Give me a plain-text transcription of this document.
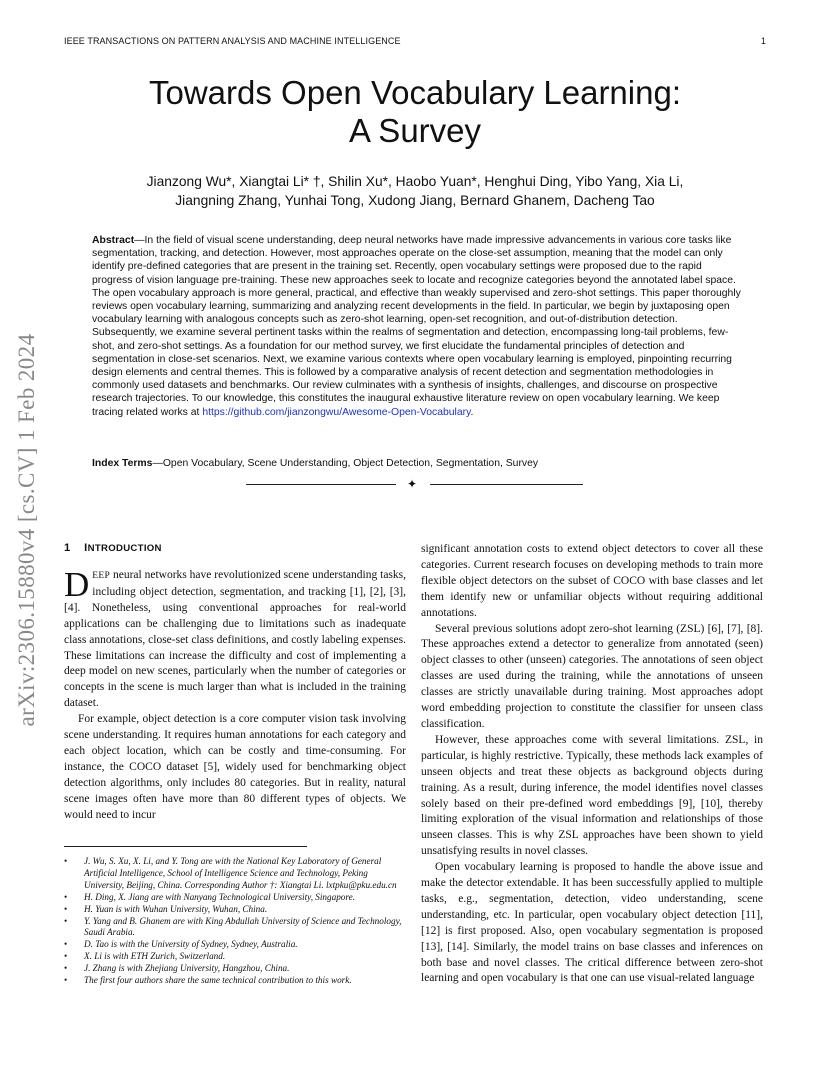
IEEE TRANSACTIONS ON PATTERN ANALYSIS AND MACHINE INTELLIGENCE	1
arXiv:2306.15880v4 [cs.CV] 1 Feb 2024
Towards Open Vocabulary Learning:
A Survey
Jianzong Wu*, Xiangtai Li* †, Shilin Xu*, Haobo Yuan*, Henghui Ding, Yibo Yang, Xia Li,
Jiangning Zhang, Yunhai Tong, Xudong Jiang, Bernard Ghanem, Dacheng Tao

Abstract—In the field of visual scene understanding, deep neural networks have made impressive advancements in various core tasks like segmentation, tracking, and detection. However, most approaches operate on the close-set assumption, meaning that the model can only identify pre-defined categories that are present in the training set. Recently, open vocabulary settings were proposed due to the rapid progress of vision language pre-training. These new approaches seek to locate and recognize categories beyond the annotated label space. The open vocabulary approach is more general, practical, and effective than weakly supervised and zero-shot settings. This paper thoroughly reviews open vocabulary learning, summarizing and analyzing recent developments in the field. In particular, we begin by juxtaposing open vocabulary learning with analogous concepts such as zero-shot learning, open-set recognition, and out-of-distribution detection. Subsequently, we examine several pertinent tasks within the realms of segmentation and detection, encompassing long-tail problems, few-shot, and zero-shot settings. As a foundation for our method survey, we first elucidate the fundamental principles of detection and segmentation in close-set scenarios. Next, we examine various contexts where open vocabulary learning is employed, pinpointing recurring design elements and central themes. This is followed by a comparative analysis of recent detection and segmentation methodologies in commonly used datasets and benchmarks. Our review culminates with a synthesis of insights, challenges, and discourse on prospective research trajectories. To our knowledge, this constitutes the inaugural exhaustive literature review on open vocabulary learning. We keep tracing related works at https://github.com/jianzongwu/Awesome-Open-Vocabulary.

Index Terms—Open Vocabulary, Scene Understanding, Object Detection, Segmentation, Survey
✦
1 INTRODUCTION

DEEP neural networks have revolutionized scene understanding tasks, including object detection, segmentation, and tracking [1], [2], [3], [4]. Nonetheless, using conventional approaches for real-world applications can be challenging due to limitations such as inadequate class annotations, close-set class definitions, and costly labeling expenses. These limitations can increase the difficulty and cost of implementing a deep model on new scenes, particularly when the number of categories or concepts in the scene is much larger than what is included in the training dataset.

For example, object detection is a core computer vision task involving scene understanding. It requires human annotations for each category and each object location, which can be costly and time-consuming. For instance, the COCO dataset [5], widely used for benchmarking object detection algorithms, only includes 80 categories. But in reality, natural scene images often have more than 80 different types of objects. We would need to incur

significant annotation costs to extend object detectors to cover all these categories. Current research focuses on developing methods to train more flexible object detectors on the subset of COCO with base classes and let them identify new or unfamiliar objects without requiring additional annotations.

Several previous solutions adopt zero-shot learning (ZSL) [6], [7], [8]. These approaches extend a detector to generalize from annotated (seen) object classes to other (unseen) categories. The annotations of seen object classes are used during the training, while the annotations of unseen classes are strictly unavailable during training. Most approaches adopt word embedding projection to constitute the classifier for unseen class classification.

However, these approaches come with several limitations. ZSL, in particular, is highly restrictive. Typically, these methods lack examples of unseen objects and treat these objects as background objects during training. As a result, during inference, the model identifies novel classes solely based on their pre-defined word embeddings [9], [10], thereby limiting exploration of the visual information and relationships of those unseen classes. This is why ZSL approaches have been shown to yield unsatisfying results in novel classes.

Open vocabulary learning is proposed to handle the above issue and make the detector extendable. It has been successfully applied to multiple tasks, e.g., segmentation, detection, video understanding, scene understanding, etc. In particular, open vocabulary object detection [11], [12] is first proposed. Also, open vocabulary segmentation is proposed [13], [14]. Similarly, the model trains on base classes and inferences on both base and novel classes. The critical difference between zero-shot learning and open vocabulary is that one can use visual-related language

• J. Wu, S. Xu, X. Li, and Y. Tong are with the National Key Laboratory of General Artificial Intelligence, School of Intelligence Science and Technology, Peking University, Beijing, China. Corresponding Author †: Xiangtai Li. lxtpku@pku.edu.cn
• H. Ding, X. Jiang are with Nanyang Technological University, Singapore.
• H. Yuan is with Wuhan University, Wuhan, China.
• Y. Yang and B. Ghanem are with King Abdullah University of Science and Technology, Saudi Arabia.
• D. Tao is with the University of Sydney, Sydney, Australia.
• X. Li is with ETH Zurich, Switzerland.
• J. Zhang is with Zhejiang University, Hangzhou, China.
• The first four authors share the same technical contribution to this work.
